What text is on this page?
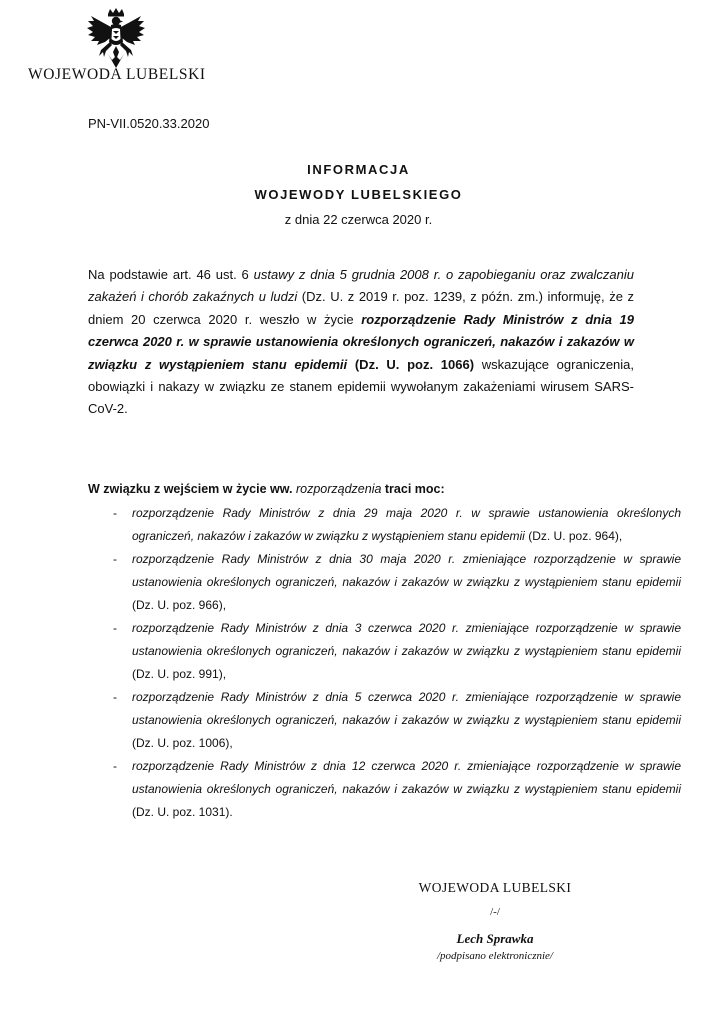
WOJEWODA LUBELSKI
PN-VII.0520.33.2020
INFORMACJA
WOJEWODY LUBELSKIEGO
z dnia 22 czerwca 2020 r.

Na podstawie art. 46 ust. 6 ustawy z dnia 5 grudnia 2008 r. o zapobieganiu oraz zwalczaniu zakażeń i chorób zakaźnych u ludzi (Dz. U. z 2019 r. poz. 1239, z późn. zm.) informuję, że z dniem 20 czerwca 2020 r. weszło w życie rozporządzenie Rady Ministrów z dnia 19 czerwca 2020 r. w sprawie ustanowienia określonych ograniczeń, nakazów i zakazów w związku z wystąpieniem stanu epidemii (Dz. U. poz. 1066) wskazujące ograniczenia, obowiązki i nakazy w związku ze stanem epidemii wywołanym zakażeniami wirusem SARS-CoV-2.

W związku z wejściem w życie ww. rozporządzenia traci moc:
- rozporządzenie Rady Ministrów z dnia 29 maja 2020 r. w sprawie ustanowienia określonych ograniczeń, nakazów i zakazów w związku z wystąpieniem stanu epidemii (Dz. U. poz. 964),
- rozporządzenie Rady Ministrów z dnia 30 maja 2020 r. zmieniające rozporządzenie w sprawie ustanowienia określonych ograniczeń, nakazów i zakazów w związku z wystąpieniem stanu epidemii (Dz. U. poz. 966),
- rozporządzenie Rady Ministrów z dnia 3 czerwca 2020 r. zmieniające rozporządzenie w sprawie ustanowienia określonych ograniczeń, nakazów i zakazów w związku z wystąpieniem stanu epidemii (Dz. U. poz. 991),
- rozporządzenie Rady Ministrów z dnia 5 czerwca 2020 r. zmieniające rozporządzenie w sprawie ustanowienia określonych ograniczeń, nakazów i zakazów w związku z wystąpieniem stanu epidemii (Dz. U. poz. 1006),
- rozporządzenie Rady Ministrów z dnia 12 czerwca 2020 r. zmieniające rozporządzenie w sprawie ustanowienia określonych ograniczeń, nakazów i zakazów w związku z wystąpieniem stanu epidemii (Dz. U. poz. 1031).
WOJEWODA LUBELSKI
/-/
Lech Sprawka
/podpisano elektronicznie/
